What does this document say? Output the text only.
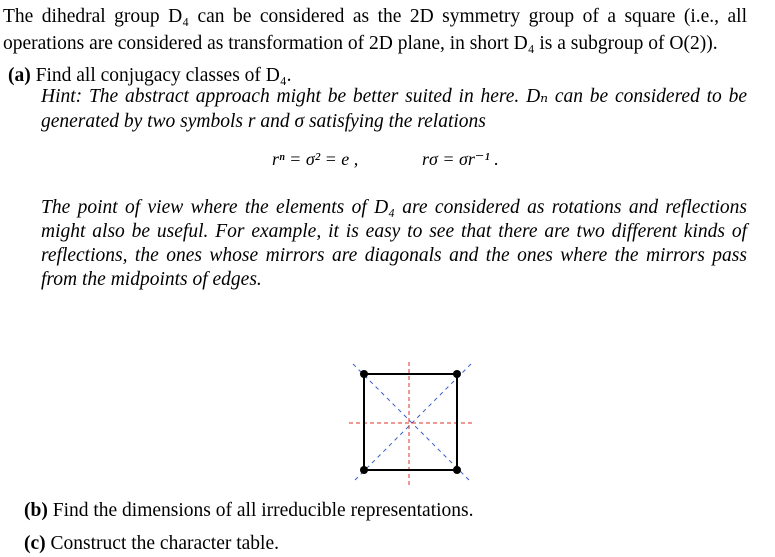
The dihedral group D₄ can be considered as the 2D symmetry group of a square (i.e., all
operations are considered as transformation of 2D plane, in short D₄ is a subgroup of O(2)).
(a) Find all conjugacy classes of D₄.
Hint: The abstract approach might be better suited in here. Dₙ can be considered to be
generated by two symbols r and σ satisfying the relations
rⁿ = σ² = e ,	rσ = σr⁻¹ .
The point of view where the elements of D₄ are considered as rotations and reflections
might also be useful. For example, it is easy to see that there are two different kinds of
reflections, the ones whose mirrors are diagonals and the ones where the mirrors pass
from the midpoints of edges.
(b) Find the dimensions of all irreducible representations.
(c) Construct the character table.
